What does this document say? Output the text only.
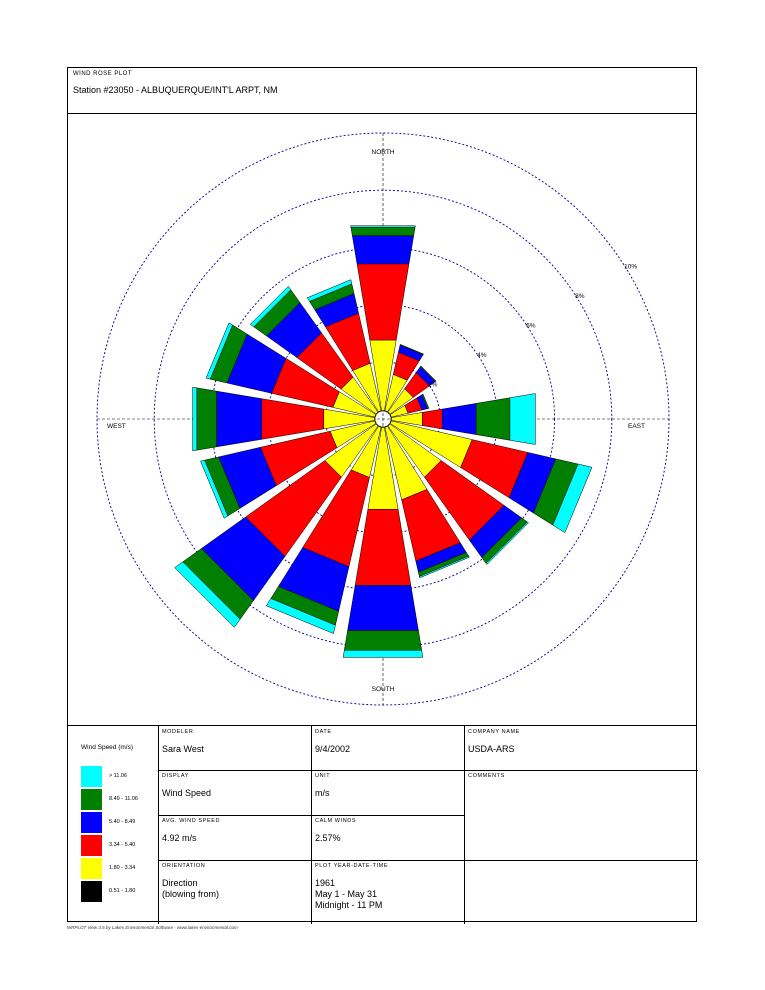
WIND ROSE PLOT
Station #23050 - ALBUQUERQUE/INT'L ARPT, NM
NORTH
SOUTH
EAST
WEST
2%
4%
6%
8%
10%
Wind Speed (m/s)
> 11.06
8.49 - 11.06
5.40 - 8.49
3.34 - 5.40
1.80 - 3.34
0.51 - 1.80
MODELER
Sara West
DATE
9/4/2002
COMPANY NAME
USDA-ARS
DISPLAY
Wind Speed
UNIT
m/s
COMMENTS
AVG. WIND SPEED
4.92 m/s
CALM WINDS
2.57%
ORIENTATION
Direction
(blowing from)
PLOT YEAR-DATE-TIME
1961
May 1 - May 31
Midnight - 11 PM
WRPLOT View 3.5 by Lakes Environmental Software - www.lakes-environmental.com
